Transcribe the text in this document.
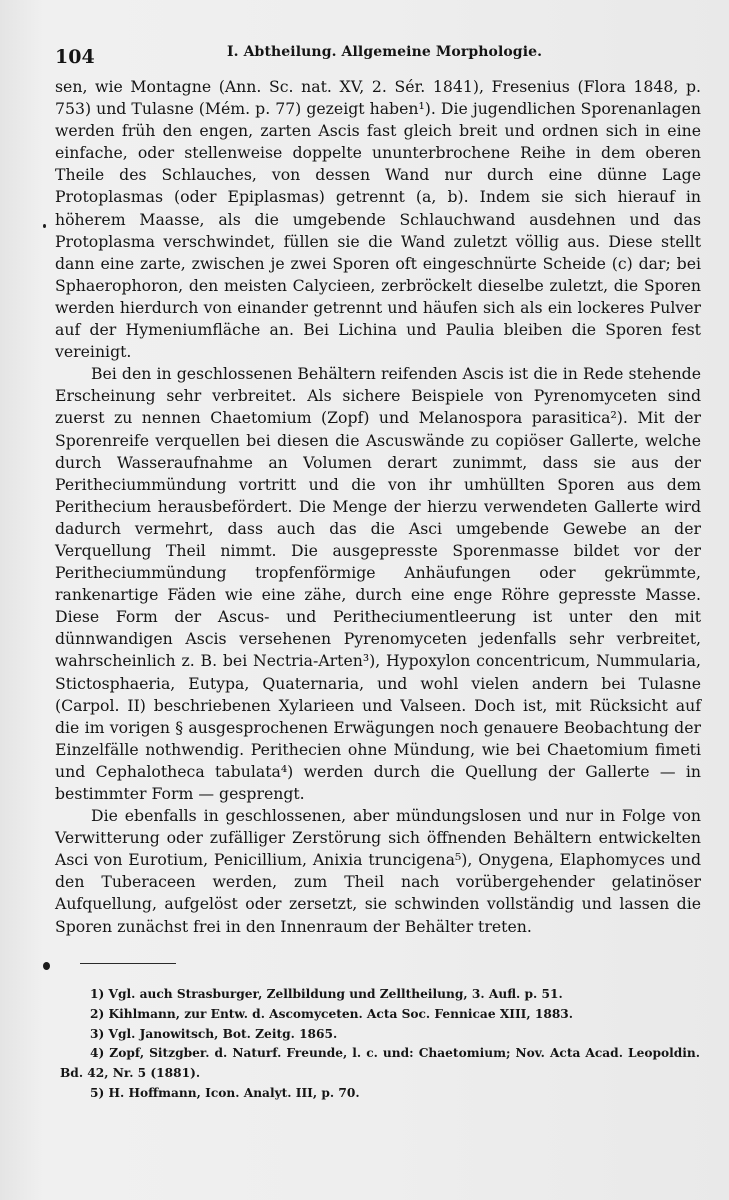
104	I. Abtheilung. Allgemeine Morphologie.

sen, wie Montagne (Ann. Sc. nat. XV, 2. Sér. 1841), Fresenius (Flora 1848, p. 753) und Tulasne (Mém. p. 77) gezeigt haben¹). Die jugendlichen Sporenanlagen werden früh den engen, zarten Ascis fast gleich breit und ordnen sich in eine einfache, oder stellenweise doppelte ununterbrochene Reihe in dem oberen Theile des Schlauches, von dessen Wand nur durch eine dünne Lage Protoplasmas (oder Epiplasmas) getrennt (a, b). Indem sie sich hierauf in höherem Maasse, als die umgebende Schlauchwand ausdehnen und das Protoplasma verschwindet, füllen sie die Wand zuletzt völlig aus. Diese stellt dann eine zarte, zwischen je zwei Sporen oft eingeschnürte Scheide (c) dar; bei Sphaerophoron, den meisten Calycieen, zerbröckelt dieselbe zuletzt, die Sporen werden hierdurch von einander getrennt und häufen sich als ein lockeres Pulver auf der Hymeniumfläche an. Bei Lichina und Paulia bleiben die Sporen fest vereinigt.

Bei den in geschlossenen Behältern reifenden Ascis ist die in Rede stehende Erscheinung sehr verbreitet. Als sichere Beispiele von Pyrenomyceten sind zuerst zu nennen Chaetomium (Zopf) und Melanospora parasitica²). Mit der Sporenreife verquellen bei diesen die Ascuswände zu copiöser Gallerte, welche durch Wasseraufnahme an Volumen derart zunimmt, dass sie aus der Peritheciummündung vortritt und die von ihr umhüllten Sporen aus dem Perithecium herausbefördert. Die Menge der hierzu verwendeten Gallerte wird dadurch vermehrt, dass auch das die Asci umgebende Gewebe an der Verquellung Theil nimmt. Die ausgepresste Sporenmasse bildet vor der Peritheciummündung tropfenförmige Anhäufungen oder gekrümmte, rankenartige Fäden wie eine zähe, durch eine enge Röhre gepresste Masse. Diese Form der Ascus- und Peritheciumentleerung ist unter den mit dünnwandigen Ascis versehenen Pyrenomyceten jedenfalls sehr verbreitet, wahrscheinlich z. B. bei Nectria-Arten³), Hypoxylon concentricum, Nummularia, Stictosphaeria, Eutypa, Quaternaria, und wohl vielen andern bei Tulasne (Carpol. II) beschriebenen Xylarieen und Valseen. Doch ist, mit Rücksicht auf die im vorigen § ausgesprochenen Erwägungen noch genauere Beobachtung der Einzelfälle nothwendig. Perithecien ohne Mündung, wie bei Chaetomium fimeti und Cephalotheca tabulata⁴) werden durch die Quellung der Gallerte — in bestimmter Form — gesprengt.

Die ebenfalls in geschlossenen, aber mündungslosen und nur in Folge von Verwitterung oder zufälliger Zerstörung sich öffnenden Behältern entwickelten Asci von Eurotium, Penicillium, Anixia truncigena⁵), Onygena, Elaphomyces und den Tuberaceen werden, zum Theil nach vorübergehender gelatinöser Aufquellung, aufgelöst oder zersetzt, sie schwinden vollständig und lassen die Sporen zunächst frei in den Innenraum der Behälter treten.

1) Vgl. auch Strasburger, Zellbildung und Zelltheilung, 3. Aufl. p. 51.
2) Kihlmann, zur Entw. d. Ascomyceten. Acta Soc. Fennicae XIII, 1883.
3) Vgl. Janowitsch, Bot. Zeitg. 1865.
4) Zopf, Sitzgber. d. Naturf. Freunde, l. c. und: Chaetomium; Nov. Acta Acad. Leopoldin. Bd. 42, Nr. 5 (1881).
5) H. Hoffmann, Icon. Analyt. III, p. 70.
